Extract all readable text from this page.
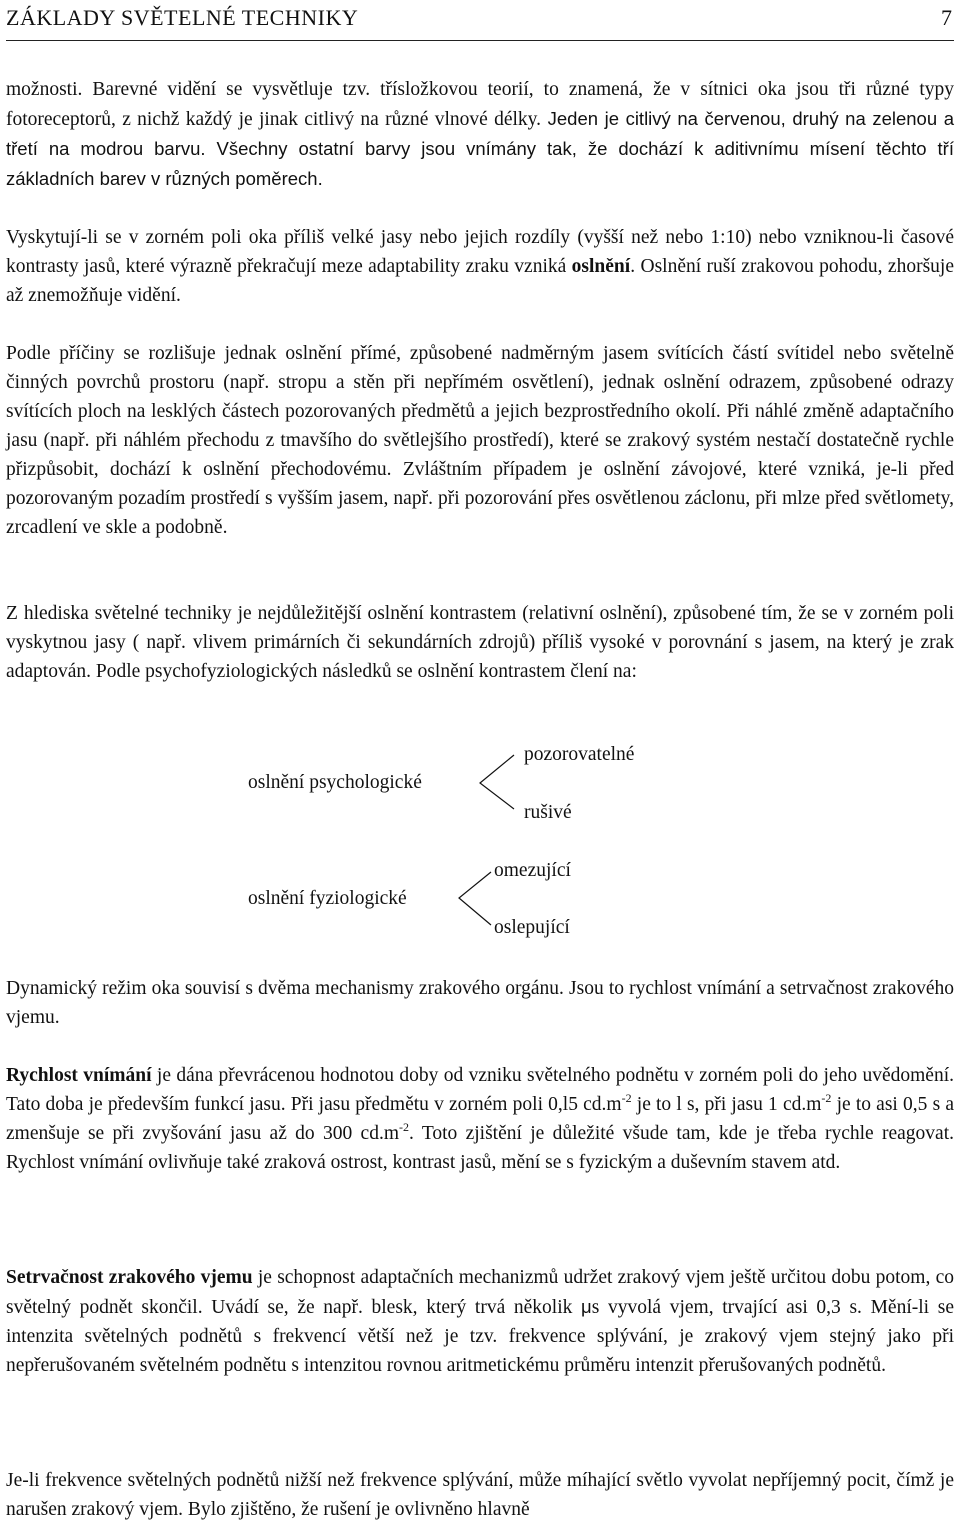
ZÁKLADY SVĚTELNÉ TECHNIKY	7

možnosti. Barevné vidění se vysvětluje tzv. třísložkovou teorií, to znamená, že v sítnici oka jsou tři různé typy fotoreceptorů, z nichž každý je jinak citlivý na různé vlnové délky. Jeden je citlivý na červenou, druhý na zelenou a třetí na modrou barvu. Všechny ostatní barvy jsou vnímány tak, že dochází k aditivnímu mísení těchto tří základních barev v různých poměrech.

Vyskytují-li se v zorném poli oka příliš velké jasy nebo jejich rozdíly (vyšší než nebo 1:10) nebo vzniknou-li časové kontrasty jasů, které výrazně překračují meze adaptability zraku vzniká oslnění. Oslnění ruší zrakovou pohodu, zhoršuje až znemožňuje vidění.

Podle příčiny se rozlišuje jednak oslnění přímé, způsobené nadměrným jasem svítících částí svítidel nebo světelně činných povrchů prostoru (např. stropu a stěn při nepřímém osvětlení), jednak oslnění odrazem, způsobené odrazy svítících ploch na lesklých částech pozorovaných předmětů a jejich bezprostředního okolí. Při náhlé změně adaptačního jasu (např. při náhlém přechodu z tmavšího do světlejšího prostředí), které se zrakový systém nestačí dostatečně rychle přizpůsobit, dochází k oslnění přechodovému. Zvláštním případem je oslnění závojové, které vzniká, je-li před pozorovaným pozadím prostředí s vyšším jasem, např. při pozorování přes osvětlenou záclonu, při mlze před světlomety, zrcadlení ve skle a podobně.

Z hlediska světelné techniky je nejdůležitější oslnění kontrastem (relativní oslnění), způsobené tím, že se v zorném poli vyskytnou jasy ( např. vlivem primárních či sekundárních zdrojů) příliš vysoké v porovnání s jasem, na který je zrak adaptován. Podle psychofyziologických následků se oslnění kontrastem člení na:

oslnění psychologické
pozorovatelné
rušivé
oslnění fyziologické
omezující
oslepující

Dynamický režim oka souvisí s dvěma mechanismy zrakového orgánu. Jsou to rychlost vnímání a setrvačnost zrakového vjemu.

Rychlost vnímání je dána převrácenou hodnotou doby od vzniku světelného podnětu v zorném poli do jeho uvědomění. Tato doba je především funkcí jasu. Při jasu předmětu v zorném poli 0,l5 $cd.m^{-2}$ je to l s, při jasu 1 $cd.m^{-2}$ je to asi 0,5 s a zmenšuje se při zvyšování jasu až do 300 $cd.m^{-2}$. Toto zjištění je důležité všude tam, kde je třeba rychle reagovat. Rychlost vnímání ovlivňuje také zraková ostrost, kontrast jasů, mění se s fyzickým a duševním stavem atd.

Setrvačnost zrakového vjemu je schopnost adaptačních mechanizmů udržet zrakový vjem ještě určitou dobu potom, co světelný podnět skončil. Uvádí se, že např. blesk, který trvá několik μs vyvolá vjem, trvající asi 0,3 s. Mění-li se intenzita světelných podnětů s frekvencí větší než je tzv. frekvence splývání, je zrakový vjem stejný jako při nepřerušovaném světelném podnětu s intenzitou rovnou aritmetickému průměru intenzit přerušovaných podnětů.

Je-li frekvence světelných podnětů nižší než frekvence splývání, může míhající světlo vyvolat nepříjemný pocit, čímž je narušen zrakový vjem. Bylo zjištěno, že rušení je ovlivněno hlavně
